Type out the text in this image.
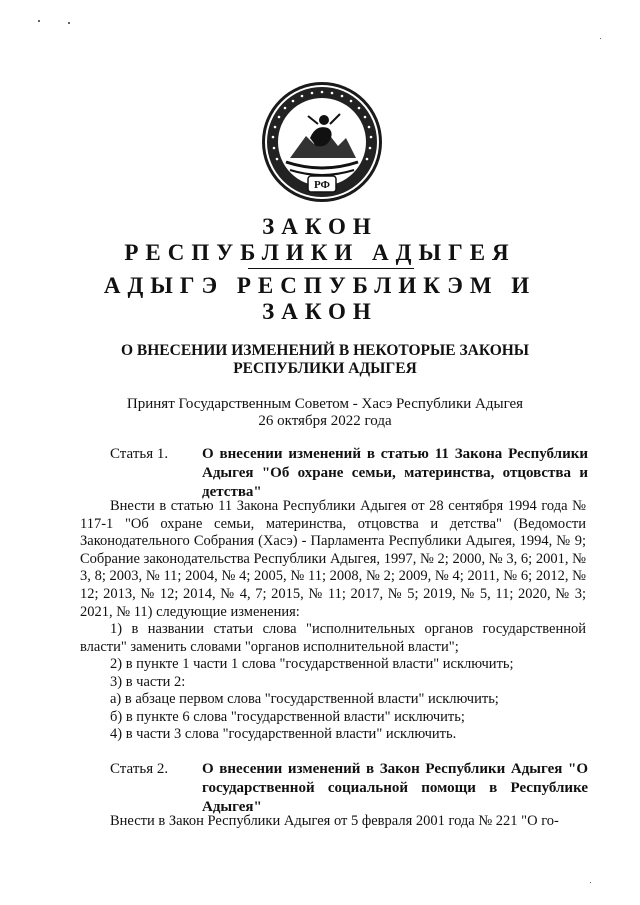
РФ
ЗАКОН
РЕСПУБЛИКИ АДЫГЕЯ
АДЫГЭ РЕСПУБЛИКЭМ И
ЗАКОН
О ВНЕСЕНИИ ИЗМЕНЕНИЙ В НЕКОТОРЫЕ ЗАКОНЫ РЕСПУБЛИКИ АДЫГЕЯ
Принят Государственным Советом - Хасэ Республики Адыгея
26 октября 2022 года
Статья 1. О внесении изменений в статью 11 Закона Республики Адыгея "Об охране семьи, материнства, отцовства и детства"
Внести в статью 11 Закона Республики Адыгея от 28 сентября 1994 года № 117-1 "Об охране семьи, материнства, отцовства и детства" (Ведомости Законодательного Собрания (Хасэ) - Парламента Республики Адыгея, 1994, № 9; Собрание законодательства Республики Адыгея, 1997, № 2; 2000, № 3, 6; 2001, № 3, 8; 2003, № 11; 2004, № 4; 2005, № 11; 2008, № 2; 2009, № 4; 2011, № 6; 2012, № 12; 2013, № 12; 2014, № 4, 7; 2015, № 11; 2017, № 5; 2019, № 5, 11; 2020, № 3; 2021, № 11) следующие изменения:
1) в названии статьи слова "исполнительных органов государственной власти" заменить словами "органов исполнительной власти";
2) в пункте 1 части 1 слова "государственной власти" исключить;
3) в части 2:
а) в абзаце первом слова "государственной власти" исключить;
б) в пункте 6 слова "государственной власти" исключить;
4) в части 3 слова "государственной власти" исключить.
Статья 2. О внесении изменений в Закон Республики Адыгея "О государственной социальной помощи в Республике Адыгея"
Внести в Закон Республики Адыгея от 5 февраля 2001 года № 221 "О го-
